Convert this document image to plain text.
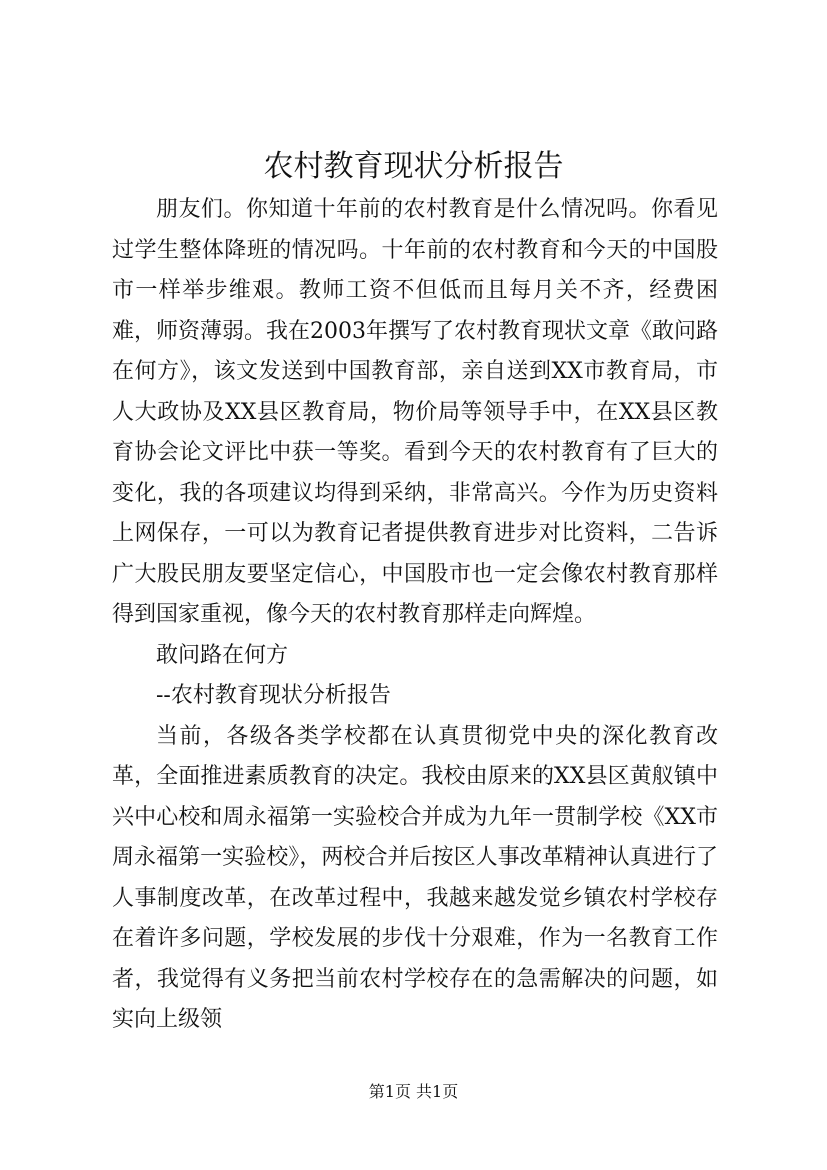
农村教育现状分析报告

朋友们。你知道十年前的农村教育是什么情况吗。你看见过学生整体降班的情况吗。十年前的农村教育和今天的中国股市一样举步维艰。教师工资不但低而且每月关不齐，经费困难，师资薄弱。我在2003年撰写了农村教育现状文章《敢问路在何方》，该文发送到中国教育部，亲自送到XX市教育局，市人大政协及XX县区教育局，物价局等领导手中，在XX县区教育协会论文评比中获一等奖。看到今天的农村教育有了巨大的变化，我的各项建议均得到采纳，非常高兴。今作为历史资料上网保存，一可以为教育记者提供教育进步对比资料，二告诉广大股民朋友要坚定信心，中国股市也一定会像农村教育那样得到国家重视，像今天的农村教育那样走向辉煌。

敢问路在何方

--农村教育现状分析报告

当前，各级各类学校都在认真贯彻党中央的深化教育改革，全面推进素质教育的决定。我校由原来的XX县区黄舣镇中兴中心校和周永福第一实验校合并成为九年一贯制学校《XX市周永福第一实验校》，两校合并后按区人事改革精神认真进行了人事制度改革，在改革过程中，我越来越发觉乡镇农村学校存在着许多问题，学校发展的步伐十分艰难，作为一名教育工作者，我觉得有义务把当前农村学校存在的急需解决的问题，如实向上级领

第1页 共1页
